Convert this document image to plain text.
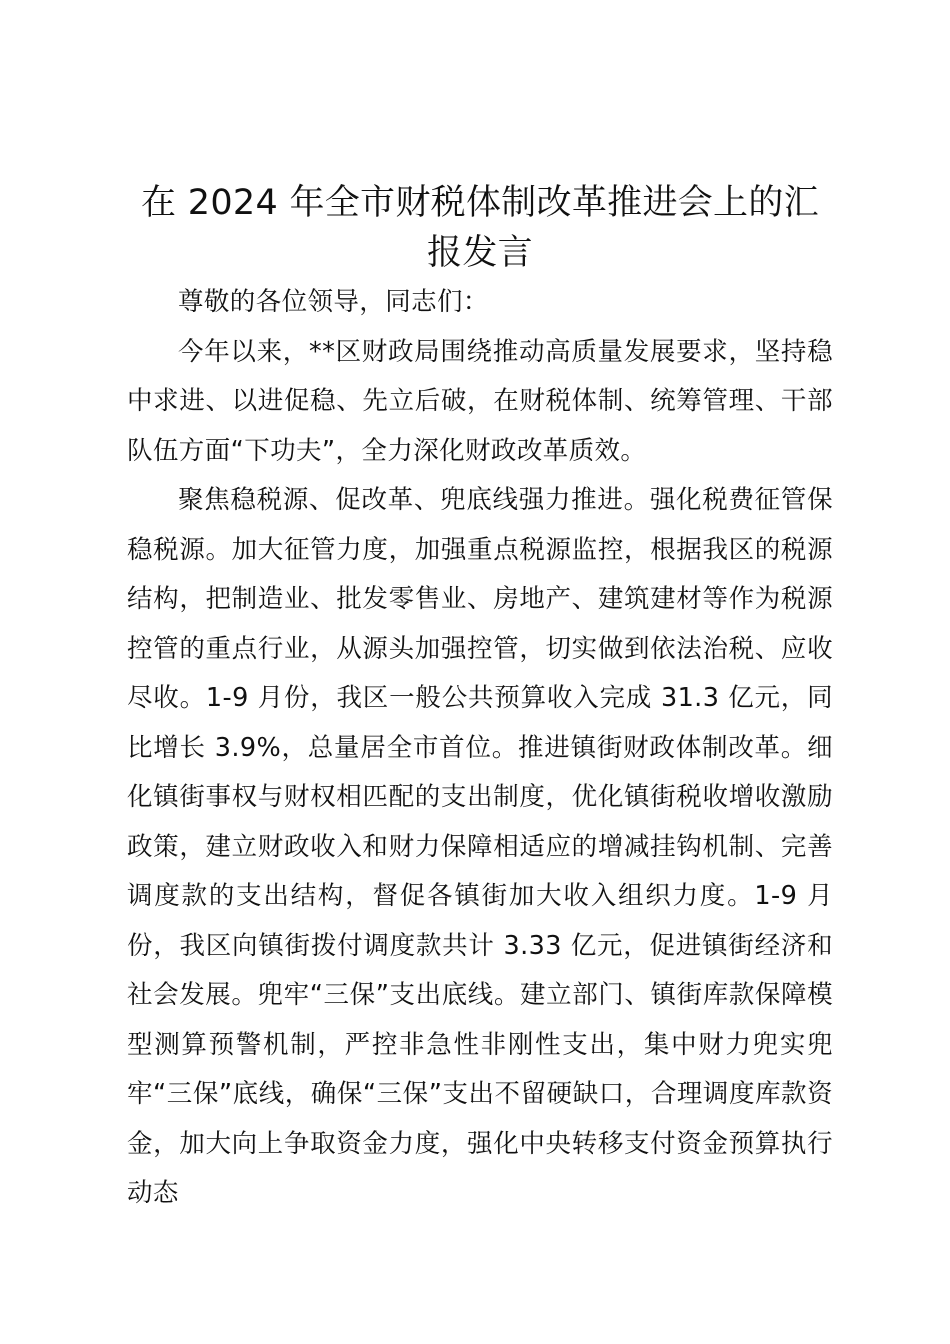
在 2024 年全市财税体制改革推进会上的汇报发言

尊敬的各位领导，同志们：

今年以来，**区财政局围绕推动高质量发展要求，坚持稳中求进、以进促稳、先立后破，在财税体制、统筹管理、干部队伍方面“下功夫”，全力深化财政改革质效。

聚焦稳税源、促改革、兜底线强力推进。强化税费征管保稳税源。加大征管力度，加强重点税源监控，根据我区的税源结构，把制造业、批发零售业、房地产、建筑建材等作为税源控管的重点行业，从源头加强控管，切实做到依法治税、应收尽收。1-9 月份，我区一般公共预算收入完成 31.3 亿元，同比增长 3.9%，总量居全市首位。推进镇街财政体制改革。细化镇街事权与财权相匹配的支出制度，优化镇街税收增收激励政策，建立财政收入和财力保障相适应的增减挂钩机制、完善调度款的支出结构，督促各镇街加大收入组织力度。1-9 月份，我区向镇街拨付调度款共计 3.33 亿元，促进镇街经济和社会发展。兜牢“三保”支出底线。建立部门、镇街库款保障模型测算预警机制，严控非急性非刚性支出，集中财力兜实兜牢“三保”底线，确保“三保”支出不留硬缺口，合理调度库款资金，加大向上争取资金力度，强化中央转移支付资金预算执行动态
